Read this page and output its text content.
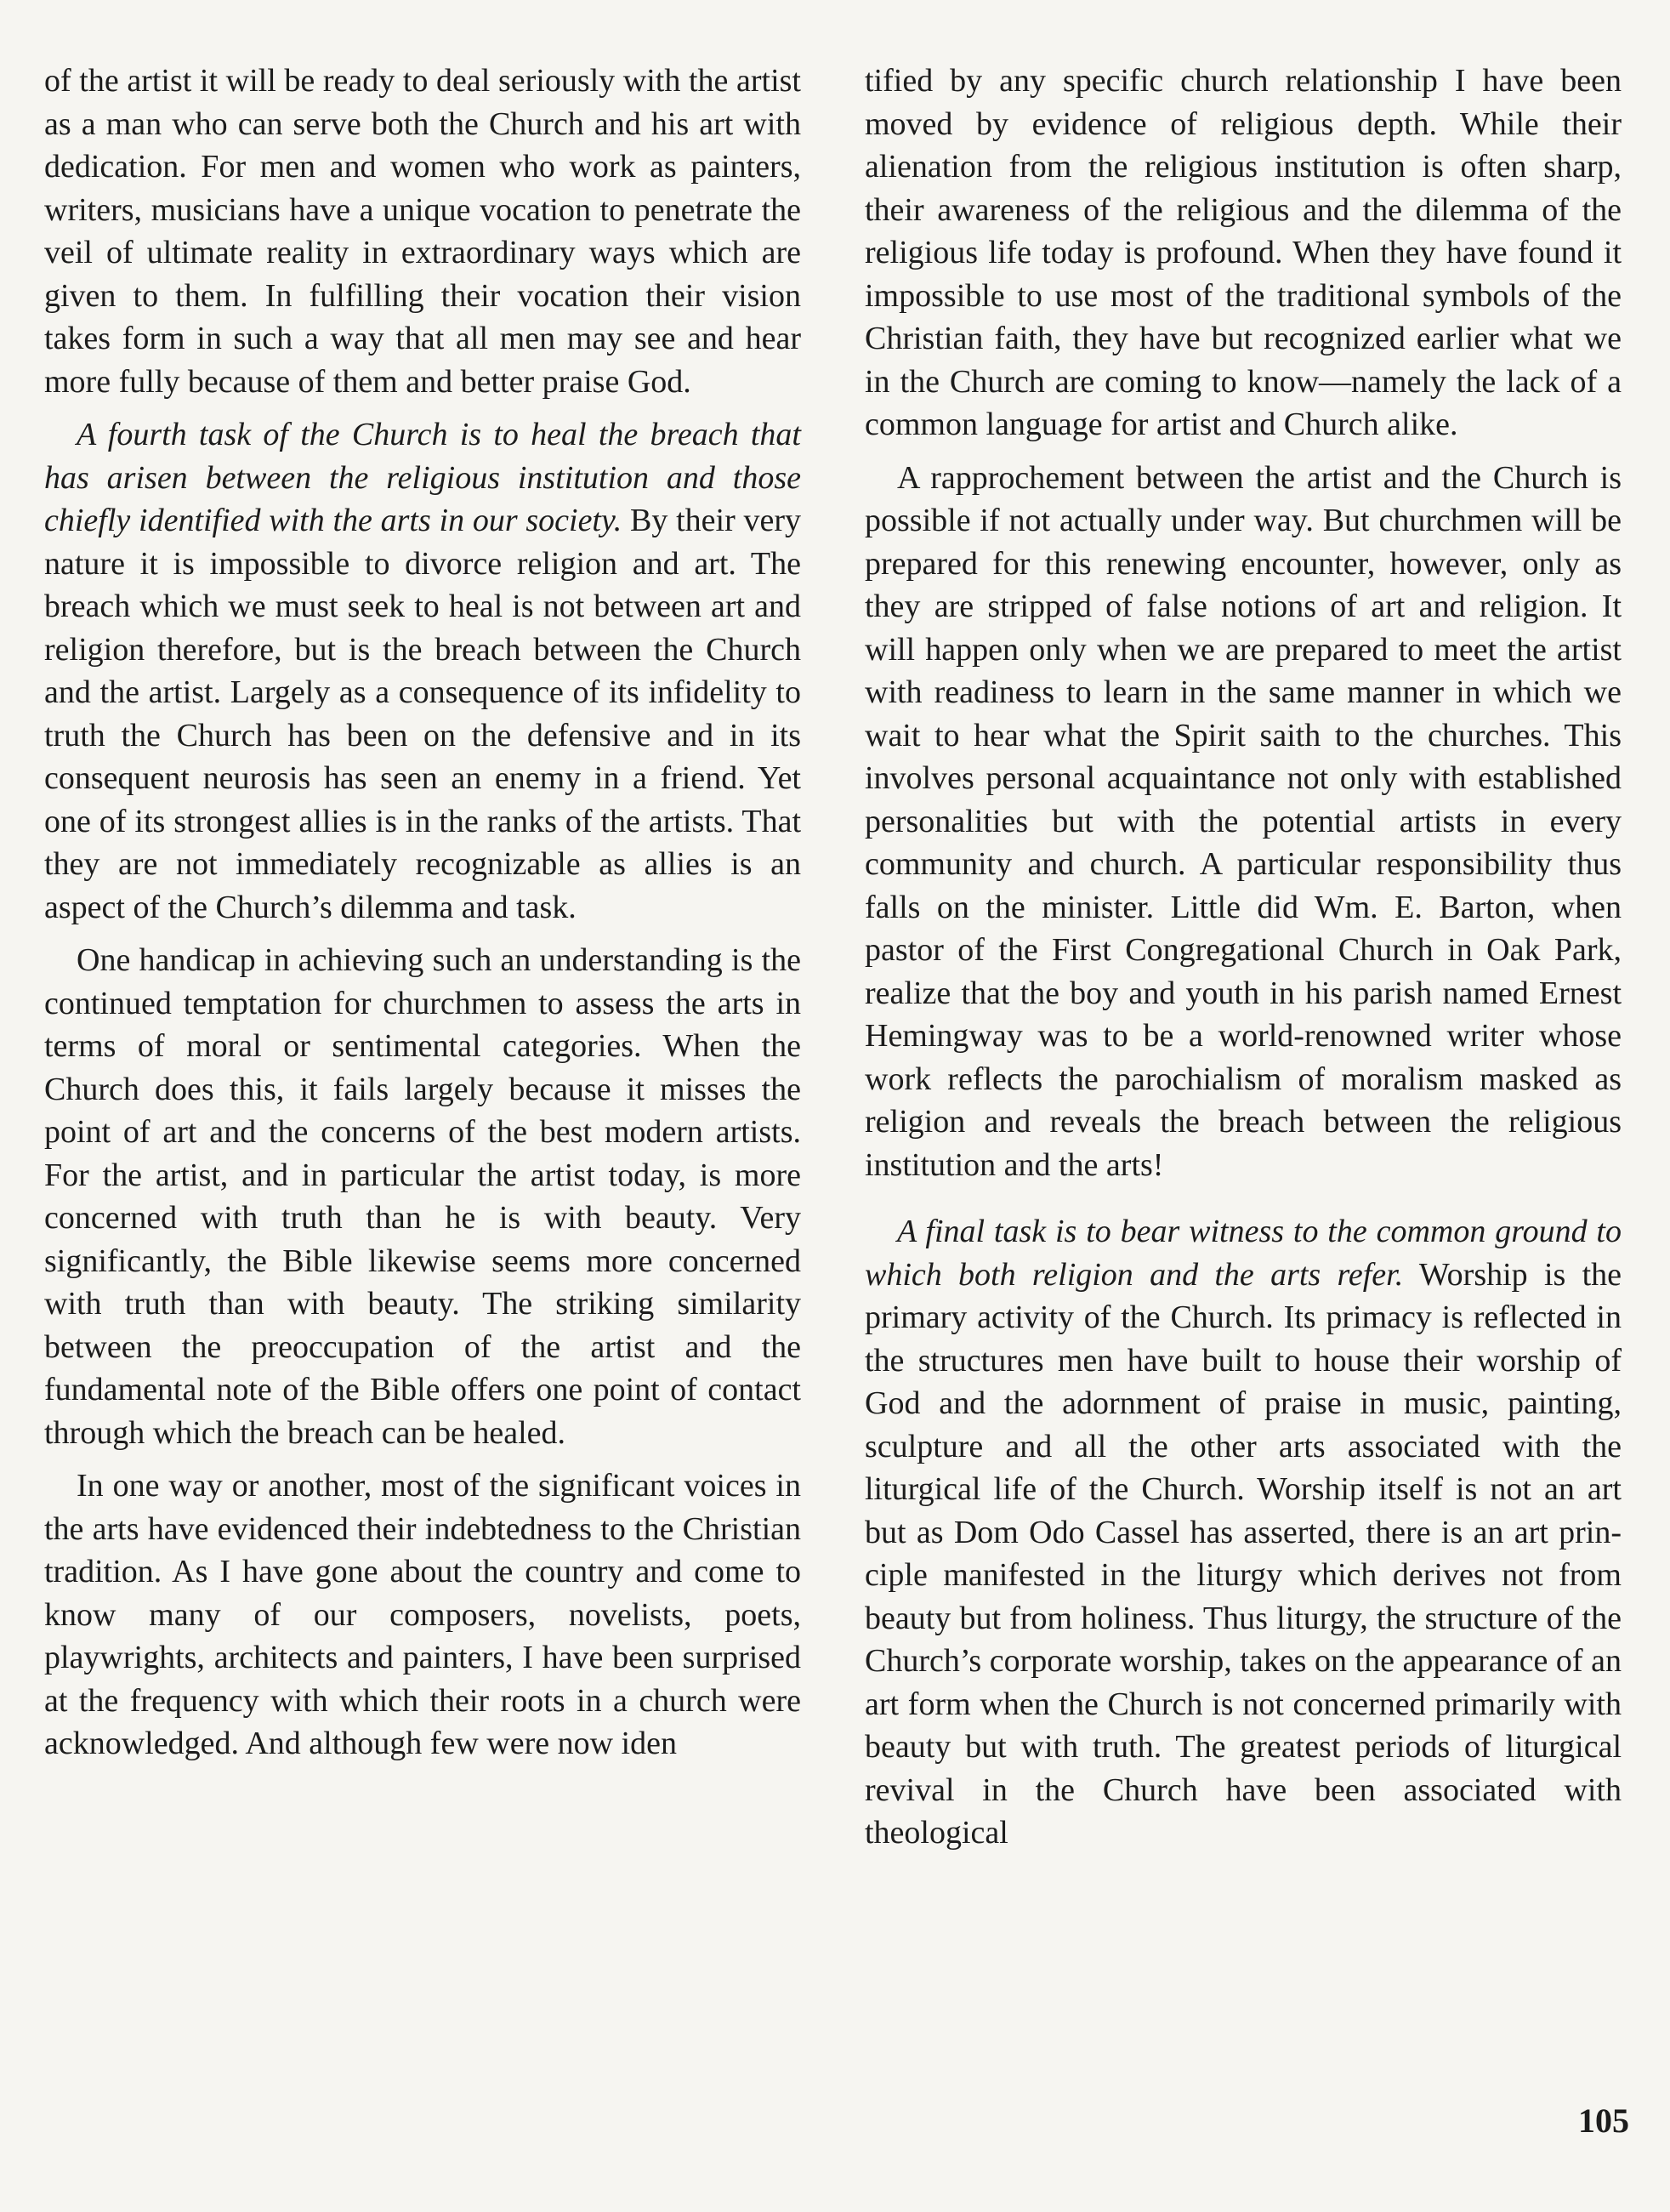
of the artist it will be ready to deal seriously with the artist as a man who can serve both the Church and his art with dedication. For men and women who work as painters, writers, musicians have a unique vocation to penetrate the veil of ultimate reality in extraordinary ways which are given to them. In fulfilling their vocation their vision takes form in such a way that all men may see and hear more fully because of them and better praise God.

A fourth task of the Church is to heal the breach that has arisen between the religious institution and those chiefly identified with the arts in our society. By their very nature it is impossible to divorce religion and art. The breach which we must seek to heal is not between art and religion therefore, but is the breach between the Church and the artist. Largely as a consequence of its infidelity to truth the Church has been on the defensive and in its consequent neurosis has seen an enemy in a friend. Yet one of its strongest allies is in the ranks of the artists. That they are not immediately recognizable as allies is an aspect of the Church’s dilemma and task.

One handicap in achieving such an understanding is the continued temptation for churchmen to assess the arts in terms of moral or sentimental categories. When the Church does this, it fails largely because it misses the point of art and the concerns of the best modern artists. For the artist, and in particular the artist today, is more concerned with truth than he is with beauty. Very significantly, the Bible likewise seems more concerned with truth than with beauty. The striking similarity between the preoccupation of the artist and the fundamental note of the Bible offers one point of contact through which the breach can be healed.

In one way or another, most of the significant voices in the arts have evidenced their indebtedness to the Christian tradition. As I have gone about the country and come to know many of our composers, novelists, poets, playwrights, architects and painters, I have been surprised at the frequency with which their roots in a church were acknowledged. And although few were now iden

tified by any specific church relationship I have been moved by evidence of religious depth. While their alienation from the religious institution is often sharp, their awareness of the religious and the dilemma of the religious life today is profound. When they have found it impossible to use most of the traditional symbols of the Christian faith, they have but recognized earlier what we in the Church are coming to know—namely the lack of a common language for artist and Church alike.

A rapprochement between the artist and the Church is possible if not actually under way. But churchmen will be prepared for this renewing encounter, however, only as they are stripped of false notions of art and religion. It will happen only when we are prepared to meet the artist with readiness to learn in the same manner in which we wait to hear what the Spirit saith to the churches. This involves personal acquaintance not only with established personalities but with the potential artists in every community and church. A particular responsibility thus falls on the minister. Little did Wm. E. Barton, when pastor of the First Congregational Church in Oak Park, realize that the boy and youth in his parish named Ernest Hemingway was to be a world-renowned writer whose work reflects the parochialism of moralism masked as religion and reveals the breach between the religious institution and the arts!

A final task is to bear witness to the common ground to which both religion and the arts refer. Worship is the primary activity of the Church. Its primacy is reflected in the structures men have built to house their worship of God and the adornment of praise in music, painting, sculpture and all the other arts associated with the liturgical life of the Church. Worship itself is not an art but as Dom Odo Cassel has asserted, there is an art principle manifested in the liturgy which derives not from beauty but from holiness. Thus liturgy, the structure of the Church’s corporate worship, takes on the appearance of an art form when the Church is not concerned primarily with beauty but with truth. The greatest periods of liturgical revival in the Church have been associated with theological

105
